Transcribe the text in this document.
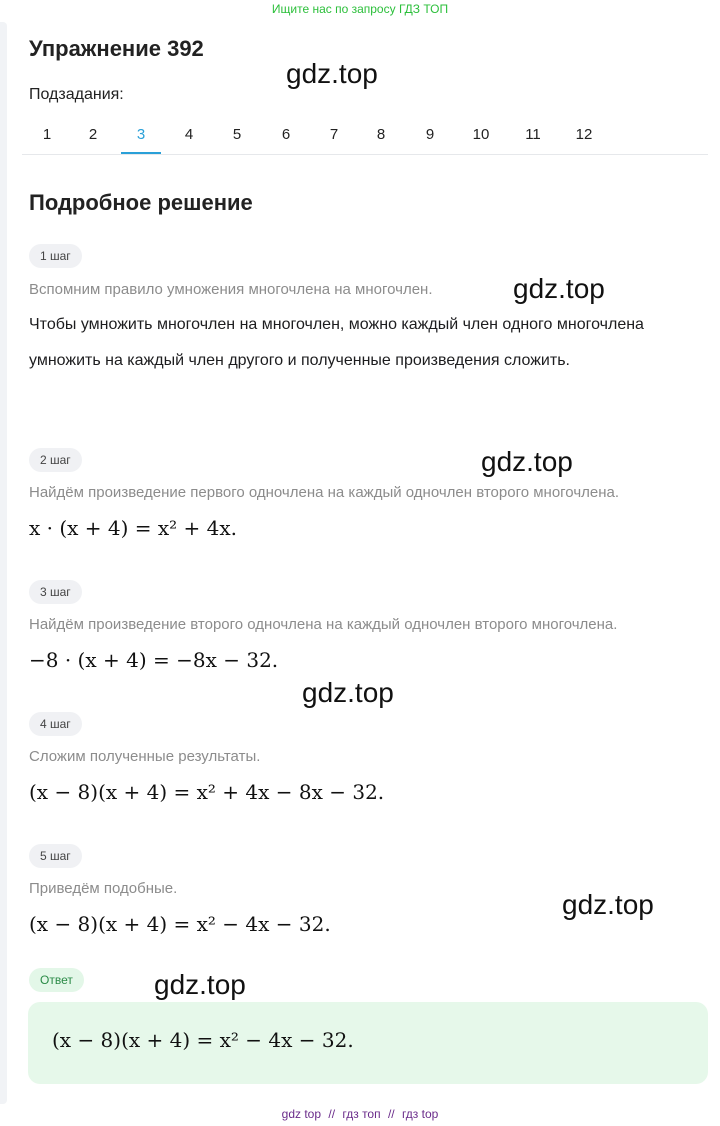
Ищите нас по запросу ГДЗ ТОП
Упражнение 392
Подзадания:
1	2	3	4	5	6	7	8	9	10	11	12
Подробное решение
1 шаг
Вспомним правило умножения многочлена на многочлен.
Чтобы умножить многочлен на многочлен, можно каждый член одного многочлена умножить на каждый член другого и полученные произведения сложить.
2 шаг
Найдём произведение первого одночлена на каждый одночлен второго многочлена.
x · (x + 4) = x² + 4x.
3 шаг
Найдём произведение второго одночлена на каждый одночлен второго многочлена.
−8 · (x + 4) = −8x − 32.
4 шаг
Сложим полученные результаты.
(x − 8)(x + 4) = x² + 4x − 8x − 32.
5 шаг
Приведём подобные.
(x − 8)(x + 4) = x² − 4x − 32.
Ответ
(x − 8)(x + 4) = x² − 4x − 32.
gdz.top
gdz.top
gdz.top
gdz.top
gdz.top
gdz.top
gdz top // гдз топ // гдз top
